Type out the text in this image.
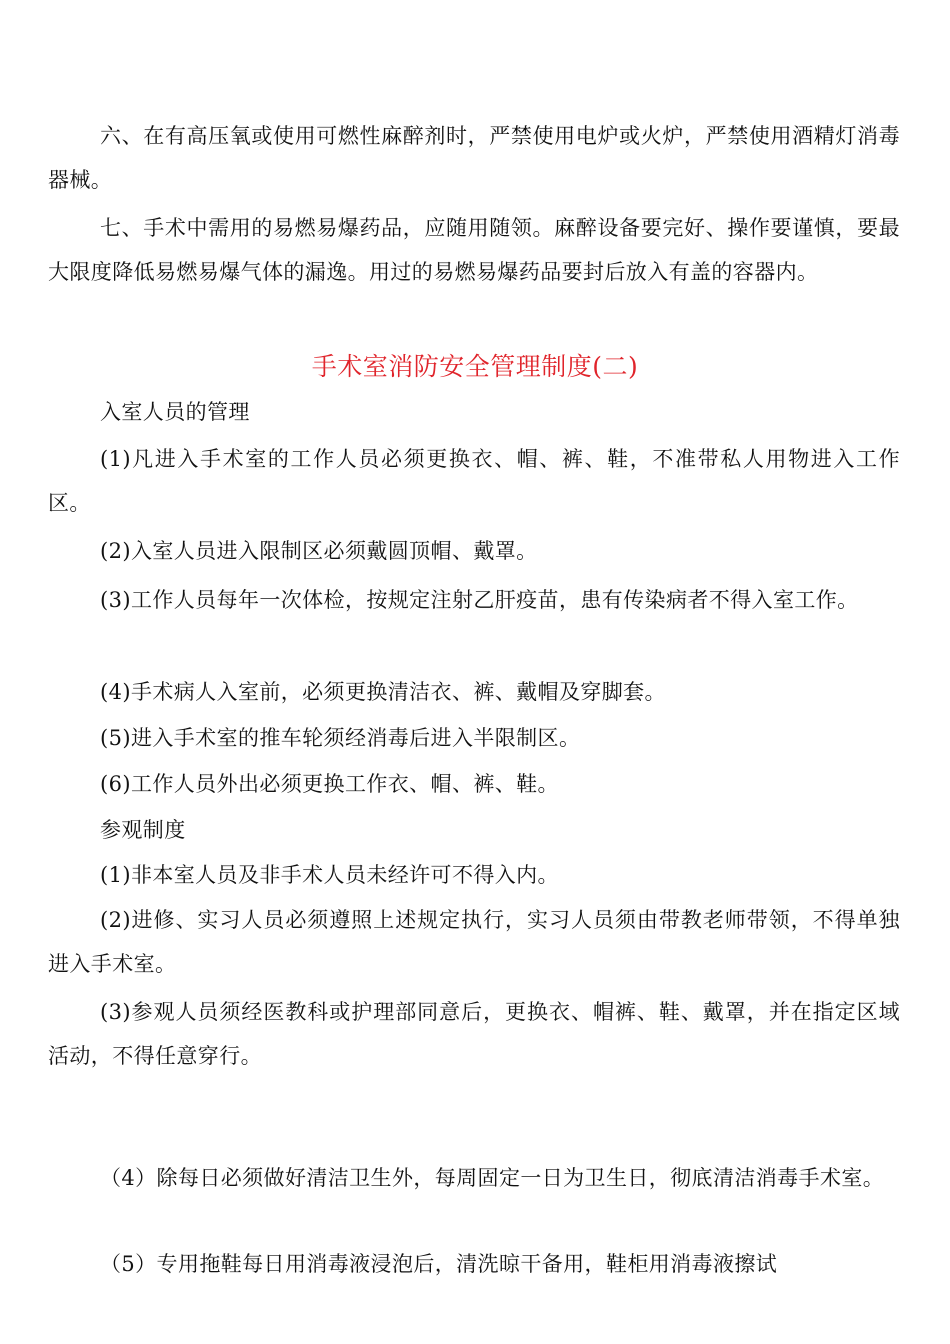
六、在有高压氧或使用可燃性麻醉剂时，严禁使用电炉或火炉，严禁使用酒精灯消毒器械。

七、手术中需用的易燃易爆药品，应随用随领。麻醉设备要完好、操作要谨慎，要最大限度降低易燃易爆气体的漏逸。用过的易燃易爆药品要封后放入有盖的容器内。

手术室消防安全管理制度(二)

入室人员的管理

(1)凡进入手术室的工作人员必须更换衣、帽、裤、鞋，不准带私人用物进入工作区。

(2)入室人员进入限制区必须戴圆顶帽、戴罩。

(3)工作人员每年一次体检，按规定注射乙肝疫苗，患有传染病者不得入室工作。

(4)手术病人入室前，必须更换清洁衣、裤、戴帽及穿脚套。

(5)进入手术室的推车轮须经消毒后进入半限制区。

(6)工作人员外出必须更换工作衣、帽、裤、鞋。

参观制度

(1)非本室人员及非手术人员未经许可不得入内。

(2)进修、实习人员必须遵照上述规定执行，实习人员须由带教老师带领，不得单独进入手术室。

(3)参观人员须经医教科或护理部同意后，更换衣、帽裤、鞋、戴罩，并在指定区域活动，不得任意穿行。

（4）除每日必须做好清洁卫生外，每周固定一日为卫生日，彻底清洁消毒手术室。

（5）专用拖鞋每日用消毒液浸泡后，清洗晾干备用，鞋柜用消毒液擦试
